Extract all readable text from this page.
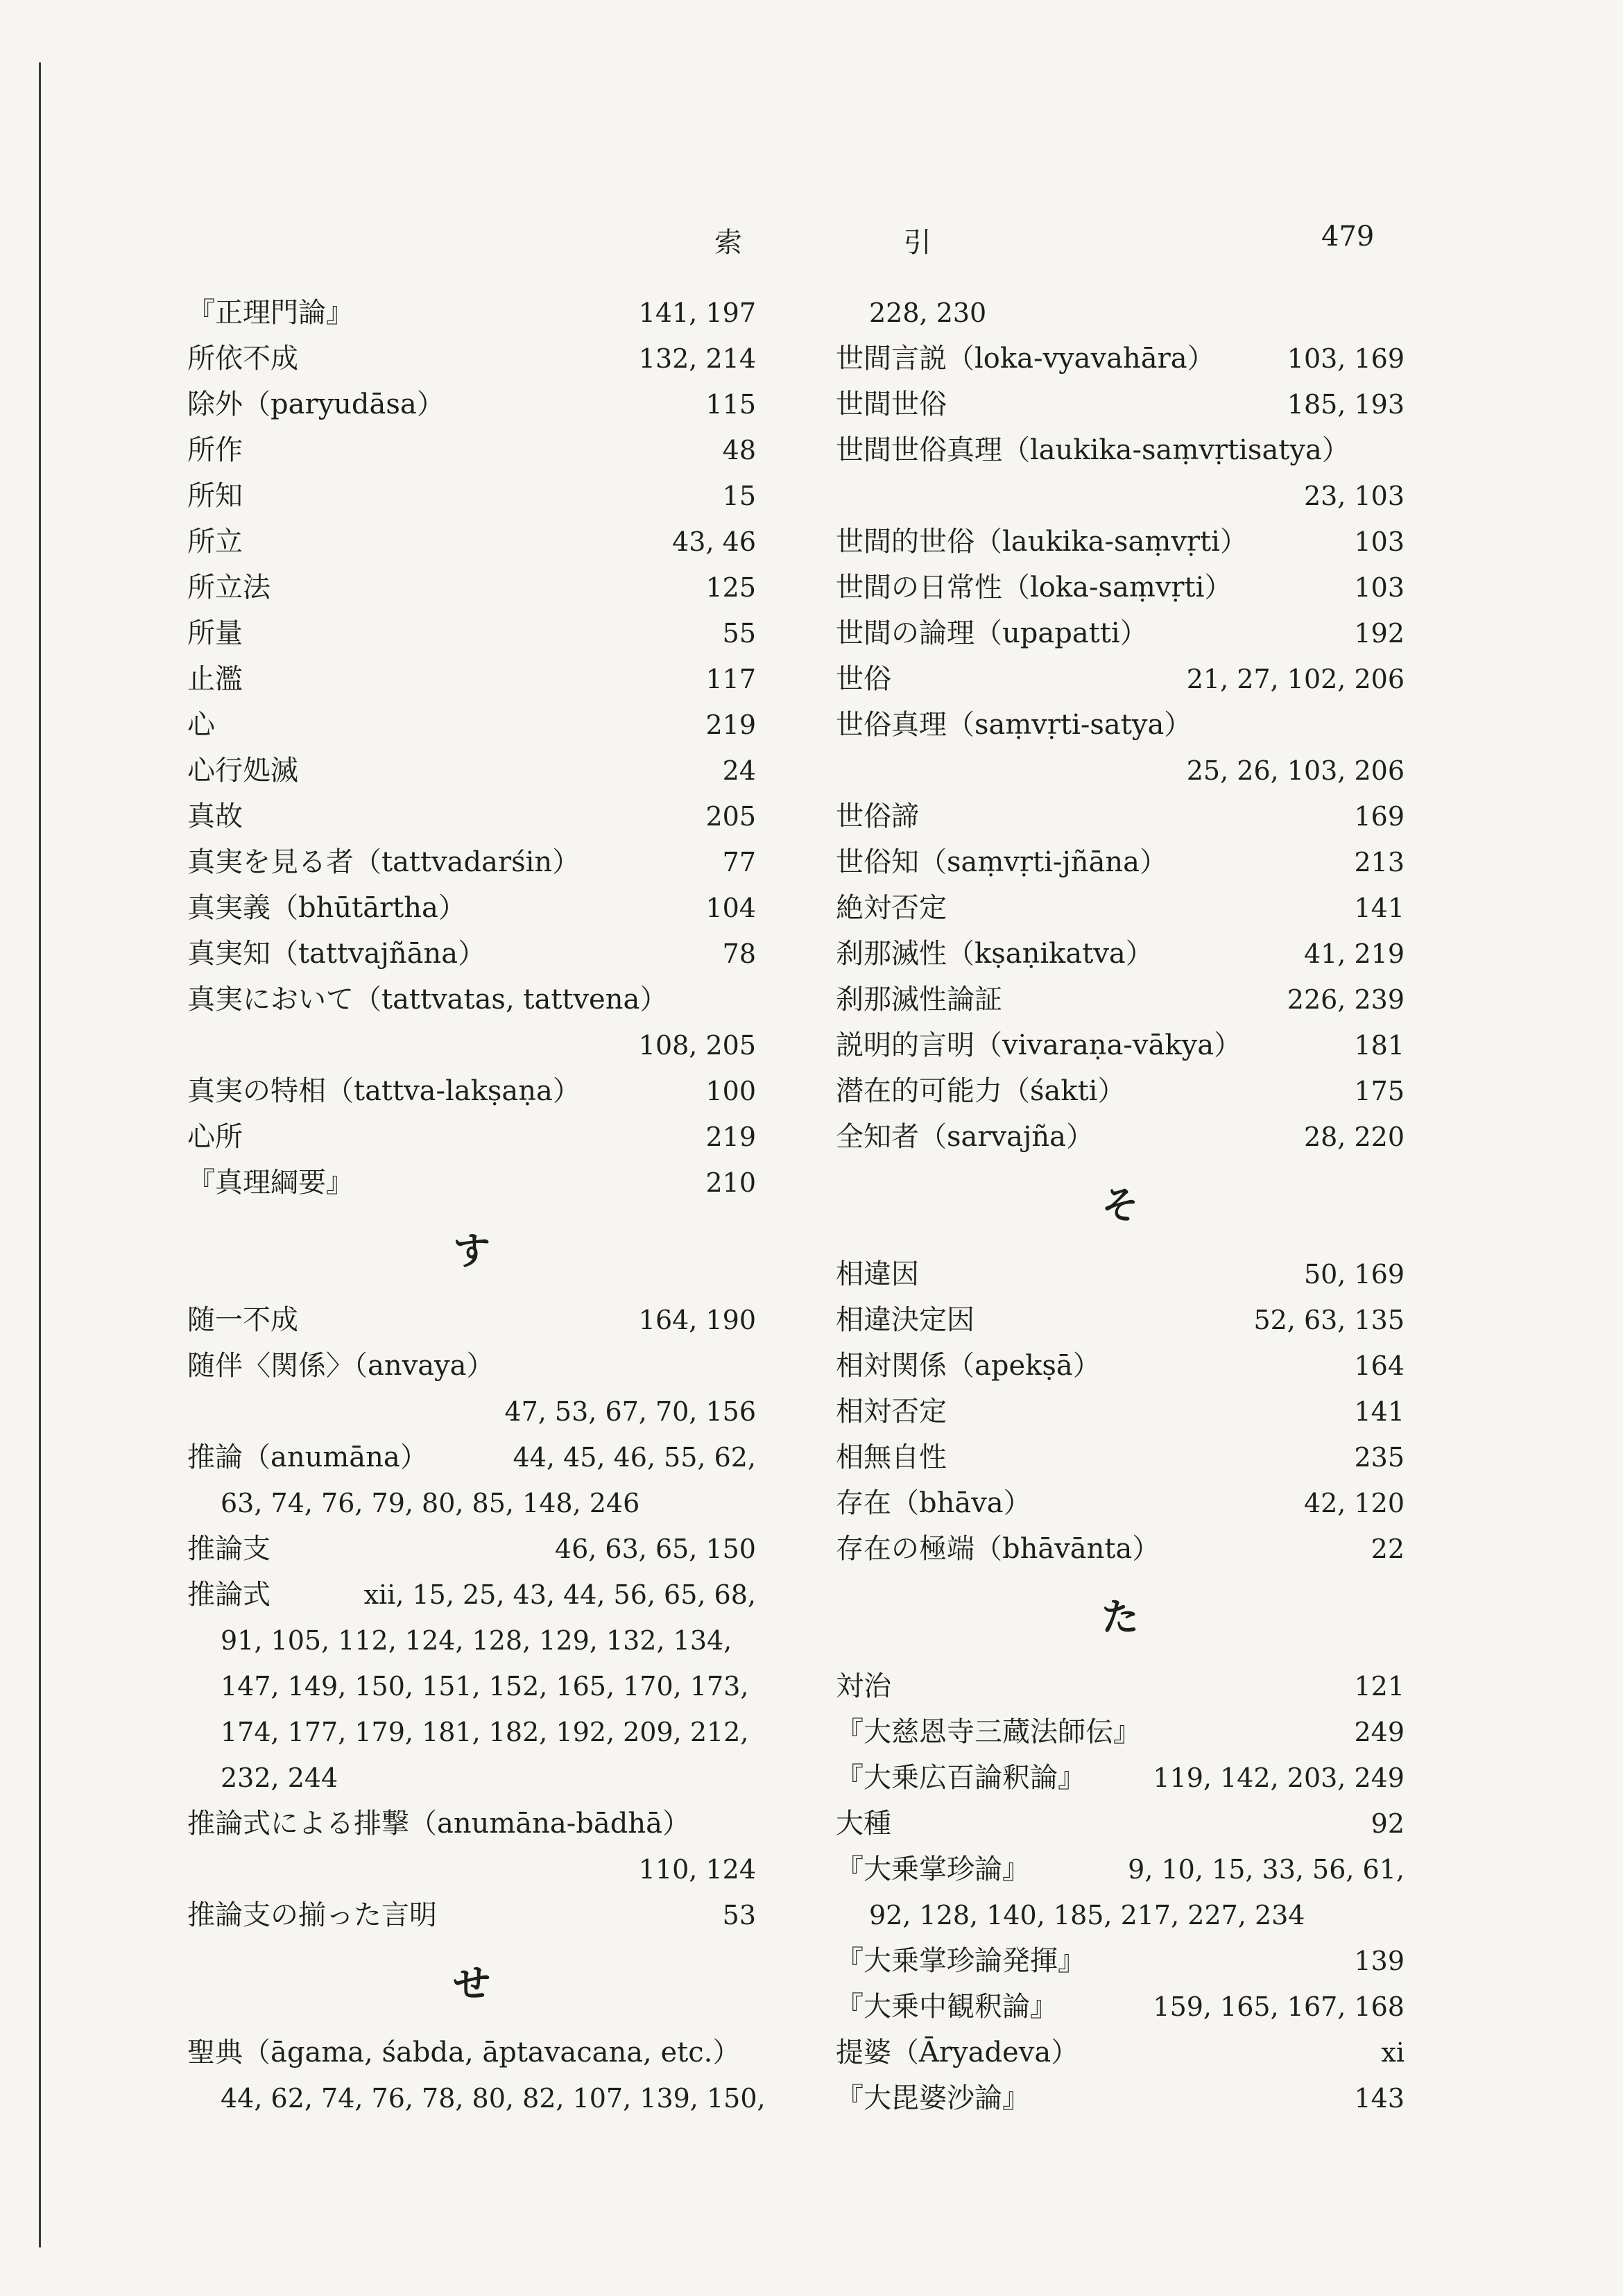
索 引	479
『正理門論』	141, 197
所依不成	132, 214
除外（paryudāsa）	115
所作	48
所知	15
所立	43, 46
所立法	125
所量	55
止濫	117
心	219
心行処滅	24
真故	205
真実を見る者（tattvadarśin）	77
真実義（bhūtārtha）	104
真実知（tattvajñāna）	78
真実において（tattvatas, tattvena）
108, 205
真実の特相（tattva-lakṣaṇa）	100
心所	219
『真理綱要』	210
す
随一不成	164, 190
随伴〈関係〉（anvaya）
47, 53, 67, 70, 156
推論（anumāna）	44, 45, 46, 55, 62,
63, 74, 76, 79, 80, 85, 148, 246
推論支	46, 63, 65, 150
推論式	xii, 15, 25, 43, 44, 56, 65, 68,
91, 105, 112, 124, 128, 129, 132, 134,
147, 149, 150, 151, 152, 165, 170, 173,
174, 177, 179, 181, 182, 192, 209, 212,
232, 244
推論式による排撃（anumāna-bādhā）
110, 124
推論支の揃った言明	53
せ
聖典（āgama, śabda, āptavacana, etc.）
44, 62, 74, 76, 78, 80, 82, 107, 139, 150,
228, 230
世間言説（loka-vyavahāra）	103, 169
世間世俗	185, 193
世間世俗真理（laukika-saṃvṛtisatya）
23, 103
世間的世俗（laukika-saṃvṛti）	103
世間の日常性（loka-saṃvṛti）	103
世間の論理（upapatti）	192
世俗	21, 27, 102, 206
世俗真理（saṃvṛti-satya）
25, 26, 103, 206
世俗諦	169
世俗知（saṃvṛti-jñāna）	213
絶対否定	141
刹那滅性（kṣaṇikatva）	41, 219
刹那滅性論証	226, 239
説明的言明（vivaraṇa-vākya）	181
潜在的可能力（śakti）	175
全知者（sarvajña）	28, 220
そ
相違因	50, 169
相違決定因	52, 63, 135
相対関係（apekṣā）	164
相対否定	141
相無自性	235
存在（bhāva）	42, 120
存在の極端（bhāvānta）	22
た
対治	121
『大慈恩寺三蔵法師伝』	249
『大乗広百論釈論』	119, 142, 203, 249
大種	92
『大乗掌珍論』	9, 10, 15, 33, 56, 61,
92, 128, 140, 185, 217, 227, 234
『大乗掌珍論発揮』	139
『大乗中観釈論』	159, 165, 167, 168
提婆（Āryadeva）	xi
『大毘婆沙論』	143
